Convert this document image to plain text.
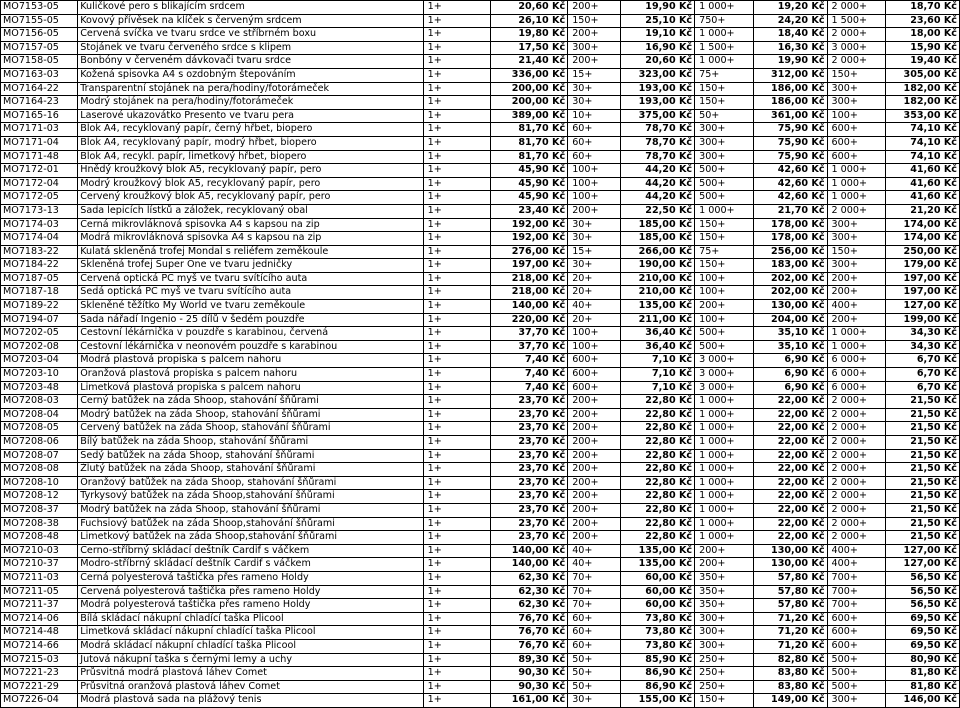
MO7153-05	Kuličkové pero s blikajícím srdcem	1+	20,60 Kč	200+	19,90 Kč	1 000+	19,20 Kč	2 000+	18,70 Kč
MO7155-05	Kovový přívěsek na klíček s červeným srdcem	1+	26,10 Kč	150+	25,10 Kč	750+	24,20 Kč	1 500+	23,60 Kč
MO7156-05	Červená svíčka ve tvaru srdce ve stříbrném boxu	1+	19,80 Kč	200+	19,10 Kč	1 000+	18,40 Kč	2 000+	18,00 Kč
MO7157-05	Stojánek ve tvaru červeného srdce s klipem	1+	17,50 Kč	300+	16,90 Kč	1 500+	16,30 Kč	3 000+	15,90 Kč
MO7158-05	Bonbóny v červeném dávkovači tvaru srdce	1+	21,40 Kč	200+	20,60 Kč	1 000+	19,90 Kč	2 000+	19,40 Kč
MO7163-03	Kožená spisovka A4 s ozdobným štepováním	1+	336,00 Kč	15+	323,00 Kč	75+	312,00 Kč	150+	305,00 Kč
MO7164-22	Transparentní stojánek na pera/hodiny/fotorámeček	1+	200,00 Kč	30+	193,00 Kč	150+	186,00 Kč	300+	182,00 Kč
MO7164-23	Modrý stojánek na pera/hodiny/fotorámeček	1+	200,00 Kč	30+	193,00 Kč	150+	186,00 Kč	300+	182,00 Kč
MO7165-16	Laserové ukazovátko Presento ve tvaru pera	1+	389,00 Kč	10+	375,00 Kč	50+	361,00 Kč	100+	353,00 Kč
MO7171-03	Blok A4, recyklovaný papír, černý hřbet, biopero	1+	81,70 Kč	60+	78,70 Kč	300+	75,90 Kč	600+	74,10 Kč
MO7171-04	Blok A4, recyklovaný papír, modrý hřbet, biopero	1+	81,70 Kč	60+	78,70 Kč	300+	75,90 Kč	600+	74,10 Kč
MO7171-48	Blok A4, recykl. papír, limetkový hřbet, biopero	1+	81,70 Kč	60+	78,70 Kč	300+	75,90 Kč	600+	74,10 Kč
MO7172-01	Hnědý kroužkový blok A5, recyklovaný papír, pero	1+	45,90 Kč	100+	44,20 Kč	500+	42,60 Kč	1 000+	41,60 Kč
MO7172-04	Modrý kroužkový blok A5, recyklovaný papír, pero	1+	45,90 Kč	100+	44,20 Kč	500+	42,60 Kč	1 000+	41,60 Kč
MO7172-05	Červený kroužkový blok A5, recyklovaný papír, pero	1+	45,90 Kč	100+	44,20 Kč	500+	42,60 Kč	1 000+	41,60 Kč
MO7173-13	Sada lepicích lístků a záložek, recyklovaný obal	1+	23,40 Kč	200+	22,50 Kč	1 000+	21,70 Kč	2 000+	21,20 Kč
MO7174-03	Černá mikrovláknová spisovka A4 s kapsou na zip	1+	192,00 Kč	30+	185,00 Kč	150+	178,00 Kč	300+	174,00 Kč
MO7174-04	Modrá mikrovláknová spisovka A4 s kapsou na zip	1+	192,00 Kč	30+	185,00 Kč	150+	178,00 Kč	300+	174,00 Kč
MO7183-22	Kulatá skleněná trofej Mondal s reliéfem zeměkoule	1+	276,00 Kč	15+	266,00 Kč	75+	256,00 Kč	150+	250,00 Kč
MO7184-22	Skleněná trofej Super One ve tvaru jedničky	1+	197,00 Kč	30+	190,00 Kč	150+	183,00 Kč	300+	179,00 Kč
MO7187-05	Červená optická PC myš ve tvaru svítícího auta	1+	218,00 Kč	20+	210,00 Kč	100+	202,00 Kč	200+	197,00 Kč
MO7187-18	Šedá optická PC myš ve tvaru svítícího auta	1+	218,00 Kč	20+	210,00 Kč	100+	202,00 Kč	200+	197,00 Kč
MO7189-22	Skleněné těžítko My World ve tvaru zeměkoule	1+	140,00 Kč	40+	135,00 Kč	200+	130,00 Kč	400+	127,00 Kč
MO7194-07	Sada nářadí Ingenio - 25 dílů v šedém pouzdře	1+	220,00 Kč	20+	211,00 Kč	100+	204,00 Kč	200+	199,00 Kč
MO7202-05	Cestovní lékárnička v pouzdře s karabinou, červená	1+	37,70 Kč	100+	36,40 Kč	500+	35,10 Kč	1 000+	34,30 Kč
MO7202-08	Cestovní lékárnička v neonovém pouzdře s karabinou	1+	37,70 Kč	100+	36,40 Kč	500+	35,10 Kč	1 000+	34,30 Kč
MO7203-04	Modrá plastová propiska s palcem nahoru	1+	7,40 Kč	600+	7,10 Kč	3 000+	6,90 Kč	6 000+	6,70 Kč
MO7203-10	Oranžová plastová propiska s palcem nahoru	1+	7,40 Kč	600+	7,10 Kč	3 000+	6,90 Kč	6 000+	6,70 Kč
MO7203-48	Limetková plastová propiska s palcem nahoru	1+	7,40 Kč	600+	7,10 Kč	3 000+	6,90 Kč	6 000+	6,70 Kč
MO7208-03	Černý batůžek na záda Shoop, stahování šňůrami	1+	23,70 Kč	200+	22,80 Kč	1 000+	22,00 Kč	2 000+	21,50 Kč
MO7208-04	Modrý batůžek na záda Shoop, stahování šňůrami	1+	23,70 Kč	200+	22,80 Kč	1 000+	22,00 Kč	2 000+	21,50 Kč
MO7208-05	Červený batůžek na záda Shoop, stahování šňůrami	1+	23,70 Kč	200+	22,80 Kč	1 000+	22,00 Kč	2 000+	21,50 Kč
MO7208-06	Bílý batůžek na záda Shoop, stahování šňůrami	1+	23,70 Kč	200+	22,80 Kč	1 000+	22,00 Kč	2 000+	21,50 Kč
MO7208-07	Šedý batůžek na záda Shoop, stahování šňůrami	1+	23,70 Kč	200+	22,80 Kč	1 000+	22,00 Kč	2 000+	21,50 Kč
MO7208-08	Žlutý batůžek na záda Shoop, stahování šňůrami	1+	23,70 Kč	200+	22,80 Kč	1 000+	22,00 Kč	2 000+	21,50 Kč
MO7208-10	Oranžový batůžek na záda Shoop, stahování šňůrami	1+	23,70 Kč	200+	22,80 Kč	1 000+	22,00 Kč	2 000+	21,50 Kč
MO7208-12	Tyrkysový batůžek na záda Shoop,stahování šňůrami	1+	23,70 Kč	200+	22,80 Kč	1 000+	22,00 Kč	2 000+	21,50 Kč
MO7208-37	Modrý batůžek na záda Shoop, stahování šňůrami	1+	23,70 Kč	200+	22,80 Kč	1 000+	22,00 Kč	2 000+	21,50 Kč
MO7208-38	Fuchsiový batůžek na záda Shoop,stahování šňůrami	1+	23,70 Kč	200+	22,80 Kč	1 000+	22,00 Kč	2 000+	21,50 Kč
MO7208-48	Limetkový batůžek na záda Shoop,stahování šňůrami	1+	23,70 Kč	200+	22,80 Kč	1 000+	22,00 Kč	2 000+	21,50 Kč
MO7210-03	Černo-stříbrný skládací deštník Cardif s váčkem	1+	140,00 Kč	40+	135,00 Kč	200+	130,00 Kč	400+	127,00 Kč
MO7210-37	Modro-stříbrný skládací deštník Cardif s váčkem	1+	140,00 Kč	40+	135,00 Kč	200+	130,00 Kč	400+	127,00 Kč
MO7211-03	Černá polyesterová taštička přes rameno Holdy	1+	62,30 Kč	70+	60,00 Kč	350+	57,80 Kč	700+	56,50 Kč
MO7211-05	Červená polyesterová taštička přes rameno Holdy	1+	62,30 Kč	70+	60,00 Kč	350+	57,80 Kč	700+	56,50 Kč
MO7211-37	Modrá polyesterová taštička přes rameno Holdy	1+	62,30 Kč	70+	60,00 Kč	350+	57,80 Kč	700+	56,50 Kč
MO7214-06	Bílá skládací nákupní chladící taška Plicool	1+	76,70 Kč	60+	73,80 Kč	300+	71,20 Kč	600+	69,50 Kč
MO7214-48	Limetková skládací nákupní chladící taška Plicool	1+	76,70 Kč	60+	73,80 Kč	300+	71,20 Kč	600+	69,50 Kč
MO7214-66	Modrá skládací nákupní chladící taška Plicool	1+	76,70 Kč	60+	73,80 Kč	300+	71,20 Kč	600+	69,50 Kč
MO7215-03	Jutová nákupní taška s černými lemy a uchy	1+	89,30 Kč	50+	85,90 Kč	250+	82,80 Kč	500+	80,90 Kč
MO7221-23	Průsvitná modrá plastová láhev Comet	1+	90,30 Kč	50+	86,90 Kč	250+	83,80 Kč	500+	81,80 Kč
MO7221-29	Průsvitná oranžová plastová láhev Comet	1+	90,30 Kč	50+	86,90 Kč	250+	83,80 Kč	500+	81,80 Kč
MO7226-04	Modrá plastová sada na plážový tenis	1+	161,00 Kč	30+	155,00 Kč	150+	149,00 Kč	300+	146,00 Kč
